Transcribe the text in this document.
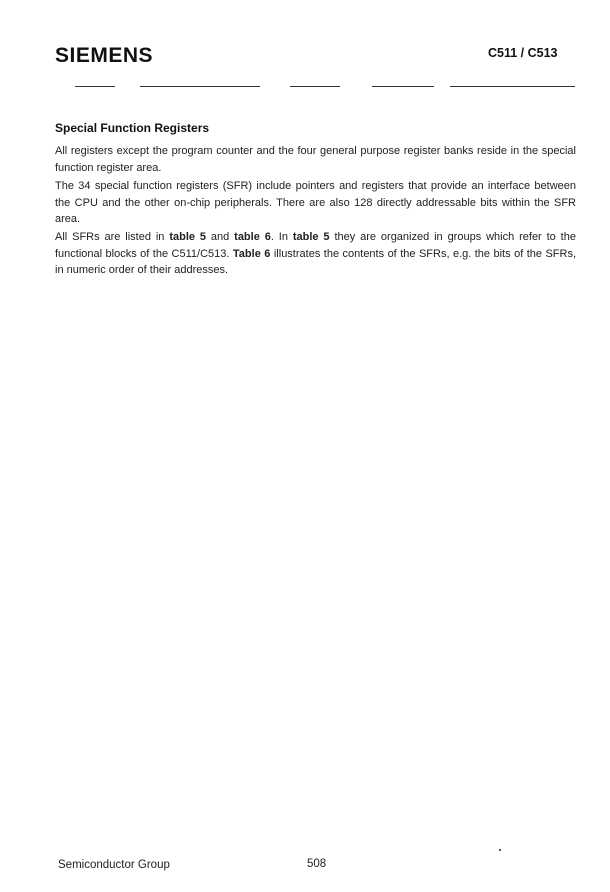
SIEMENS	C511 / C513
Special Function Registers

All registers except the program counter and the four general purpose register banks reside in the special function register area.

The 34 special function registers (SFR) include pointers and registers that provide an interface between the CPU and the other on-chip peripherals. There are also 128 directly addressable bits within the SFR area.

All SFRs are listed in table 5 and table 6. In table 5 they are organized in groups which refer to the functional blocks of the C511/C513. Table 6 illustrates the contents of the SFRs, e.g. the bits of the SFRs, in numeric order of their addresses.

Semiconductor Group	508
